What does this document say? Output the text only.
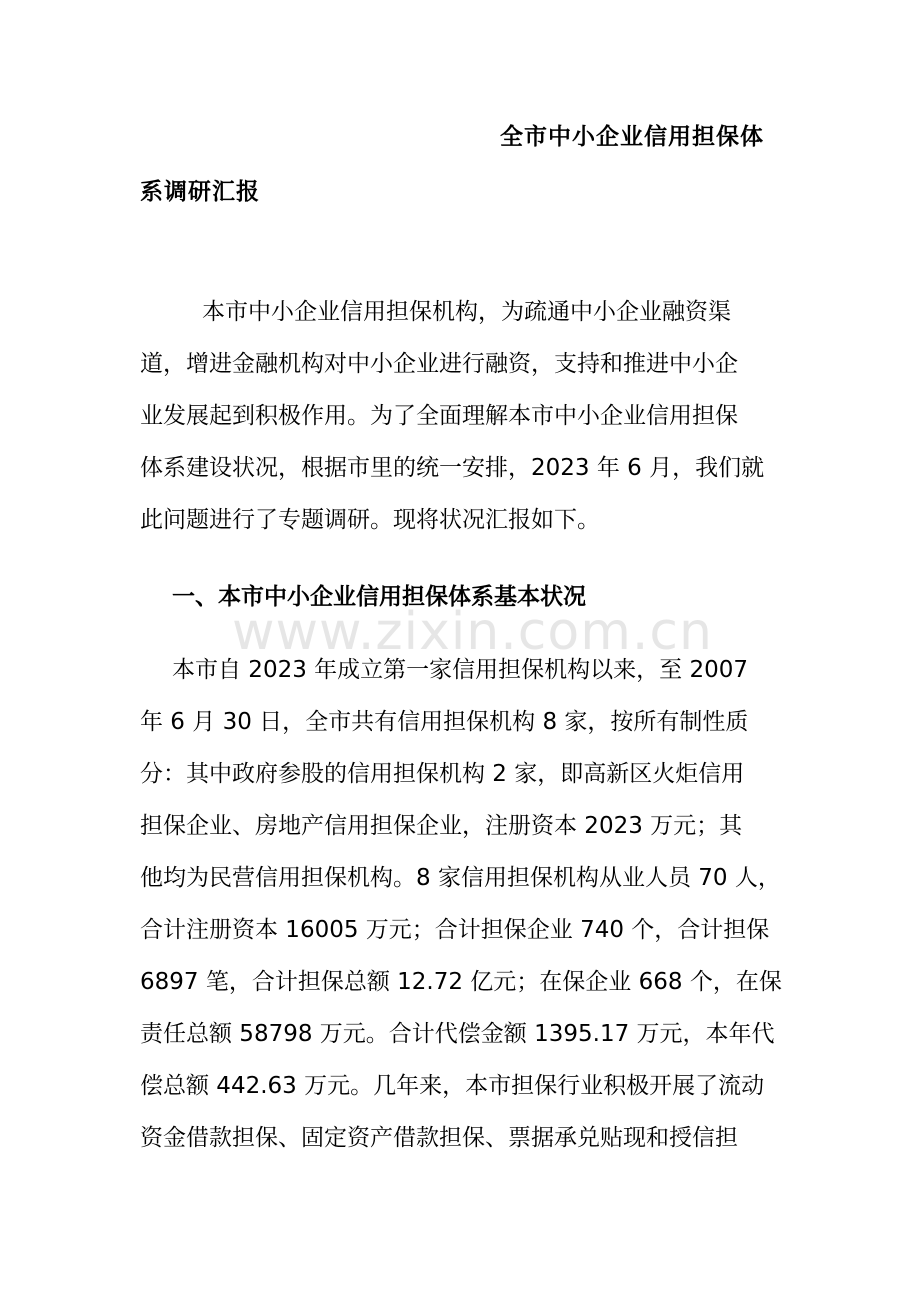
全市中小企业信用担保体
系调研汇报
本市中小企业信用担保机构，为疏通中小企业融资渠
道，增进金融机构对中小企业进行融资，支持和推进中小企
业发展起到积极作用。为了全面理解本市中小企业信用担保
体系建设状况，根据市里的统一安排，2023 年 6 月，我们就
此问题进行了专题调研。现将状况汇报如下。
一、本市中小企业信用担保体系基本状况
www.zixin.com.cn
本市自 2023 年成立第一家信用担保机构以来，至 2007
年 6 月 30 日，全市共有信用担保机构 8 家，按所有制性质
分：其中政府参股的信用担保机构 2 家，即高新区火炬信用
担保企业、房地产信用担保企业，注册资本 2023 万元；其
他均为民营信用担保机构。8 家信用担保机构从业人员 70 人，
合计注册资本 16005 万元；合计担保企业 740 个，合计担保
6897 笔，合计担保总额 12.72 亿元；在保企业 668 个，在保
责任总额 58798 万元。合计代偿金额 1395.17 万元，本年代
偿总额 442.63 万元。几年来，本市担保行业积极开展了流动
资金借款担保、固定资产借款担保、票据承兑贴现和授信担
